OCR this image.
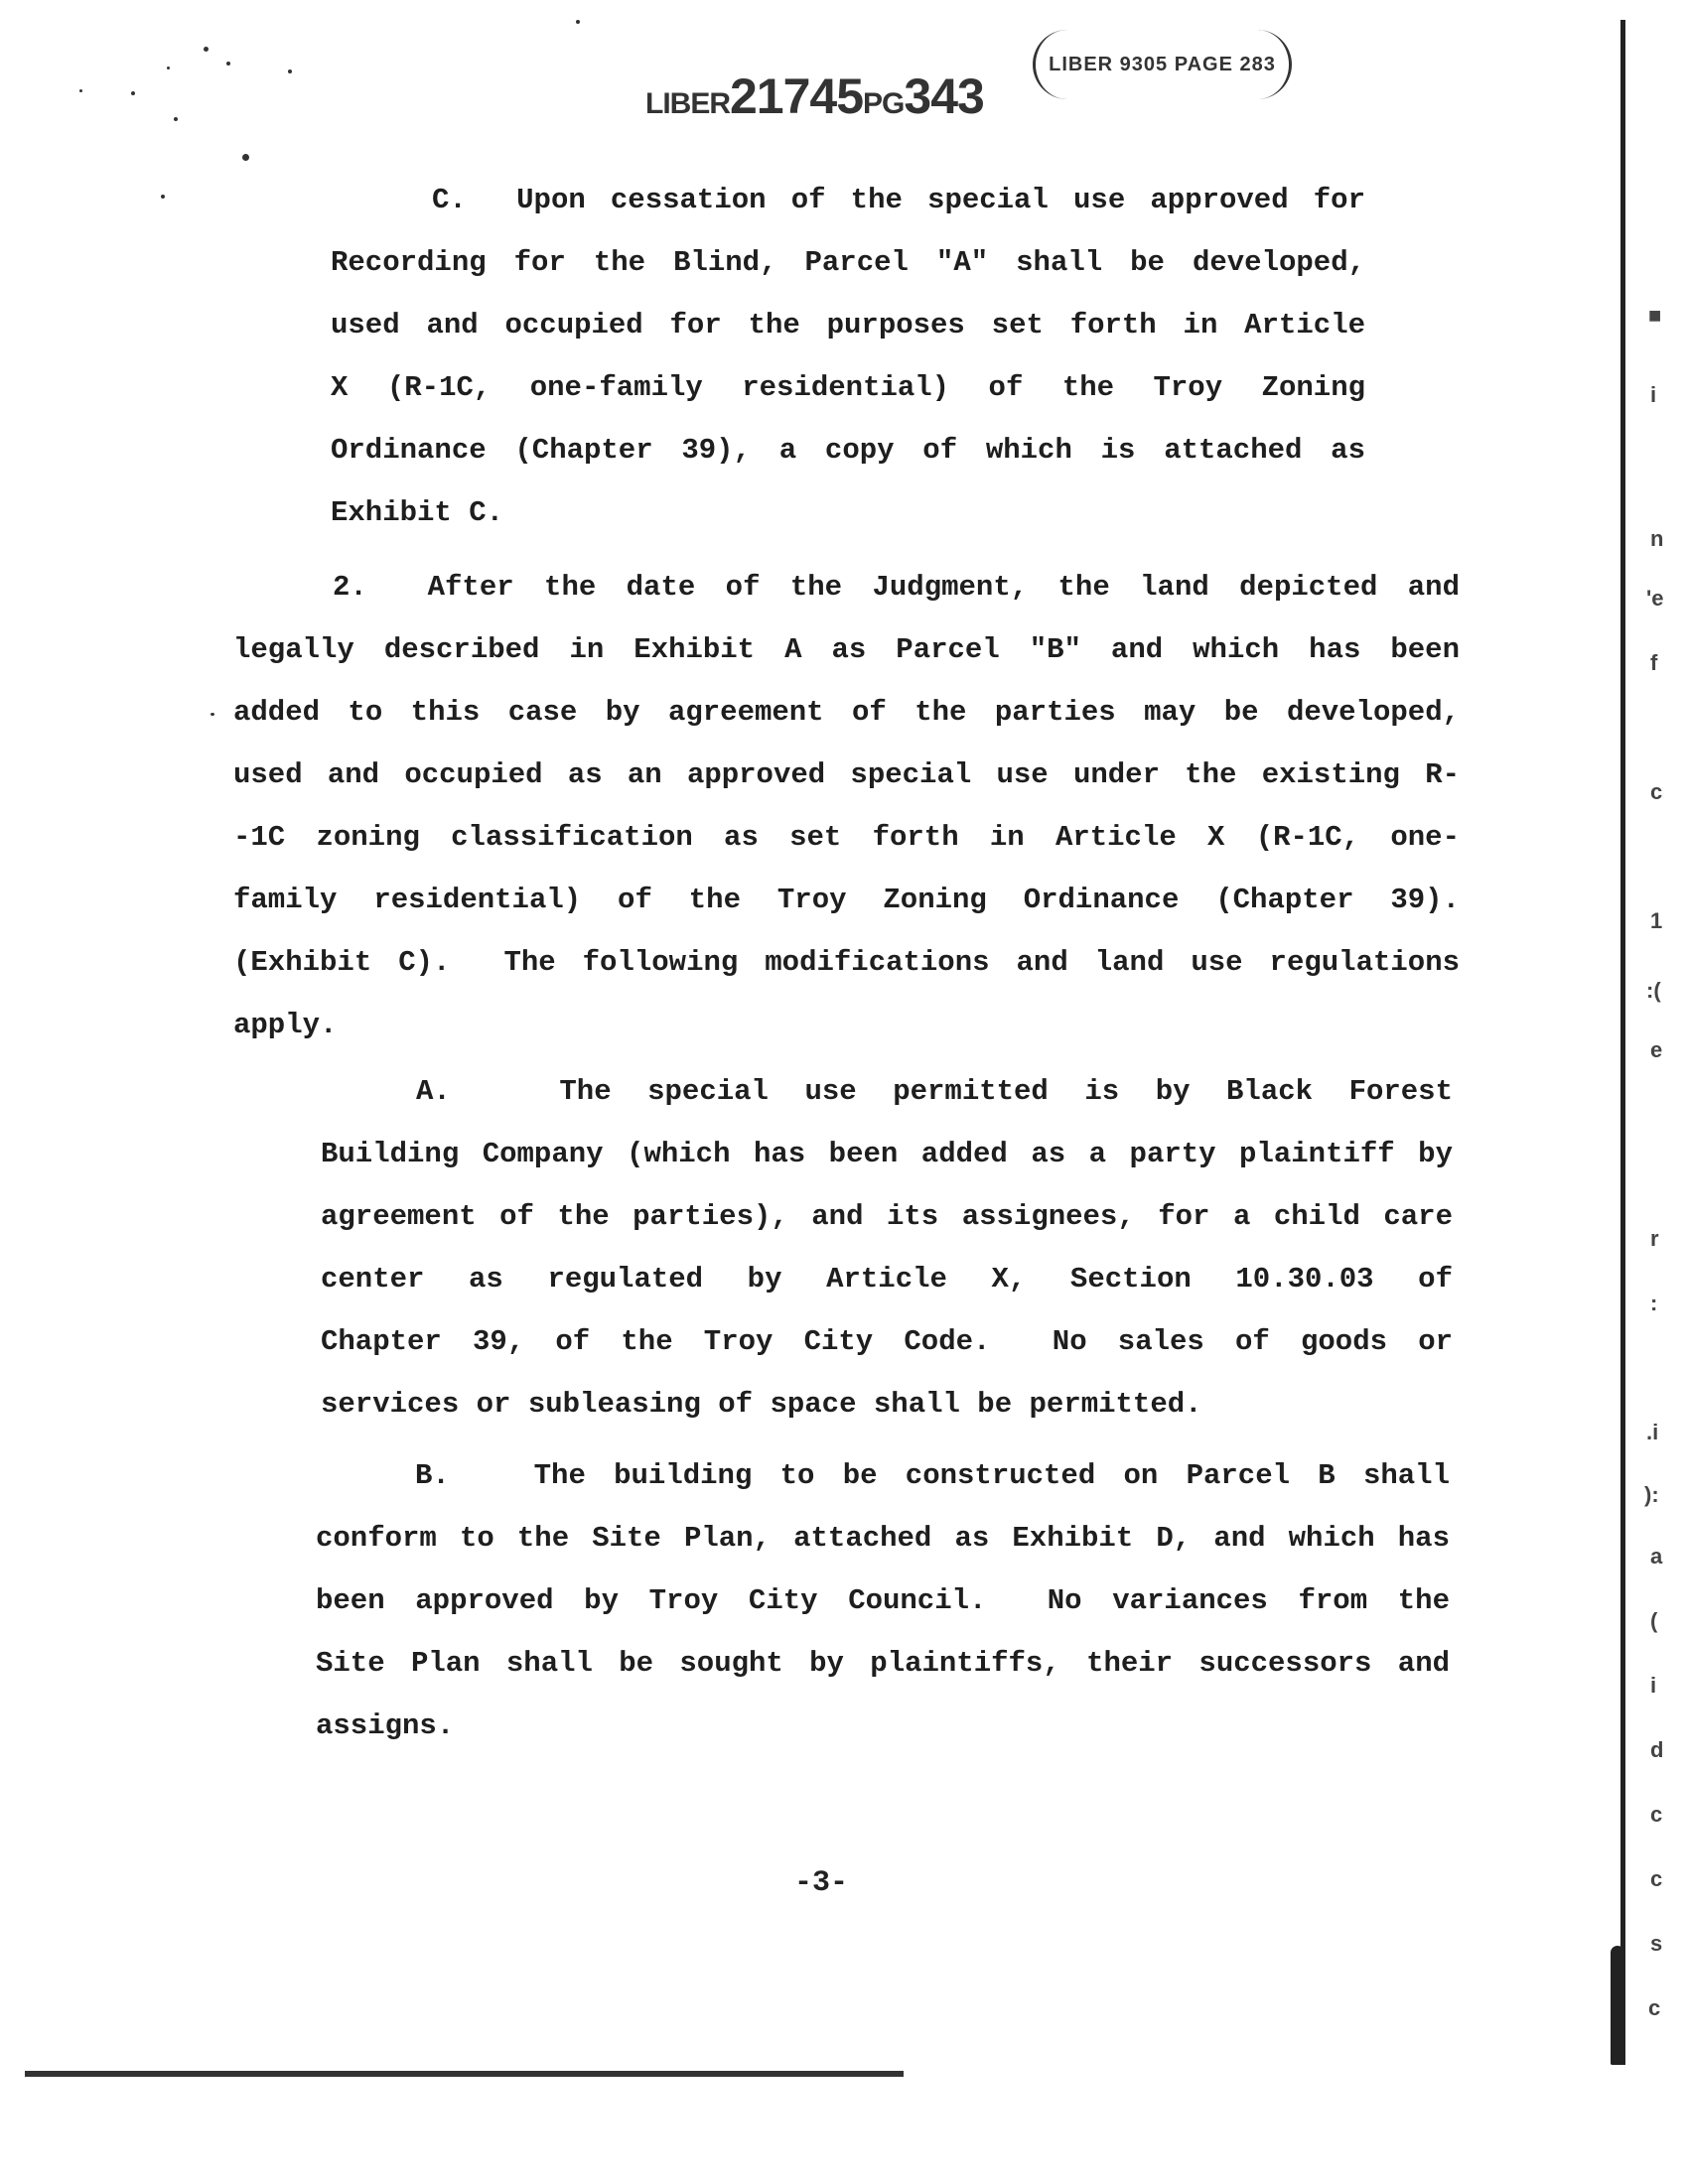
LIBER21745PG343
LIBER 9305 PAGE 283
C.  Upon cessation of the special use approved for
Recording for the Blind, Parcel "A" shall be developed,
used and occupied for the purposes set forth in Article
X (R-1C, one-family residential) of the Troy Zoning
Ordinance (Chapter 39), a copy of which is attached as
Exhibit C.
2.  After the date of the Judgment, the land depicted and
legally described in Exhibit A as Parcel "B" and which has been
added to this case by agreement of the parties may be developed,
used and occupied as an approved special use under the existing R-
-1C zoning classification as set forth in Article X (R-1C, one-
family residential) of the Troy Zoning Ordinance (Chapter 39).
(Exhibit C).  The following modifications and land use regulations
apply.
A.   The special use permitted is by Black Forest
Building Company (which has been added as a party plaintiff by
agreement of the parties), and its assignees, for a child care
center as regulated by Article X, Section 10.30.03 of
Chapter 39, of the Troy City Code.  No sales of goods or
services or subleasing of space shall be permitted.
B.   The building to be constructed on Parcel B shall
conform to the Site Plan, attached as Exhibit D, and which has
been approved by Troy City Council.  No variances from the
Site Plan shall be sought by plaintiffs, their successors and
assigns.
-3-
■
i
n
'e
f
c
1
:(
e
r
:
.i
):
a
(
i
d
c
c
s
c
